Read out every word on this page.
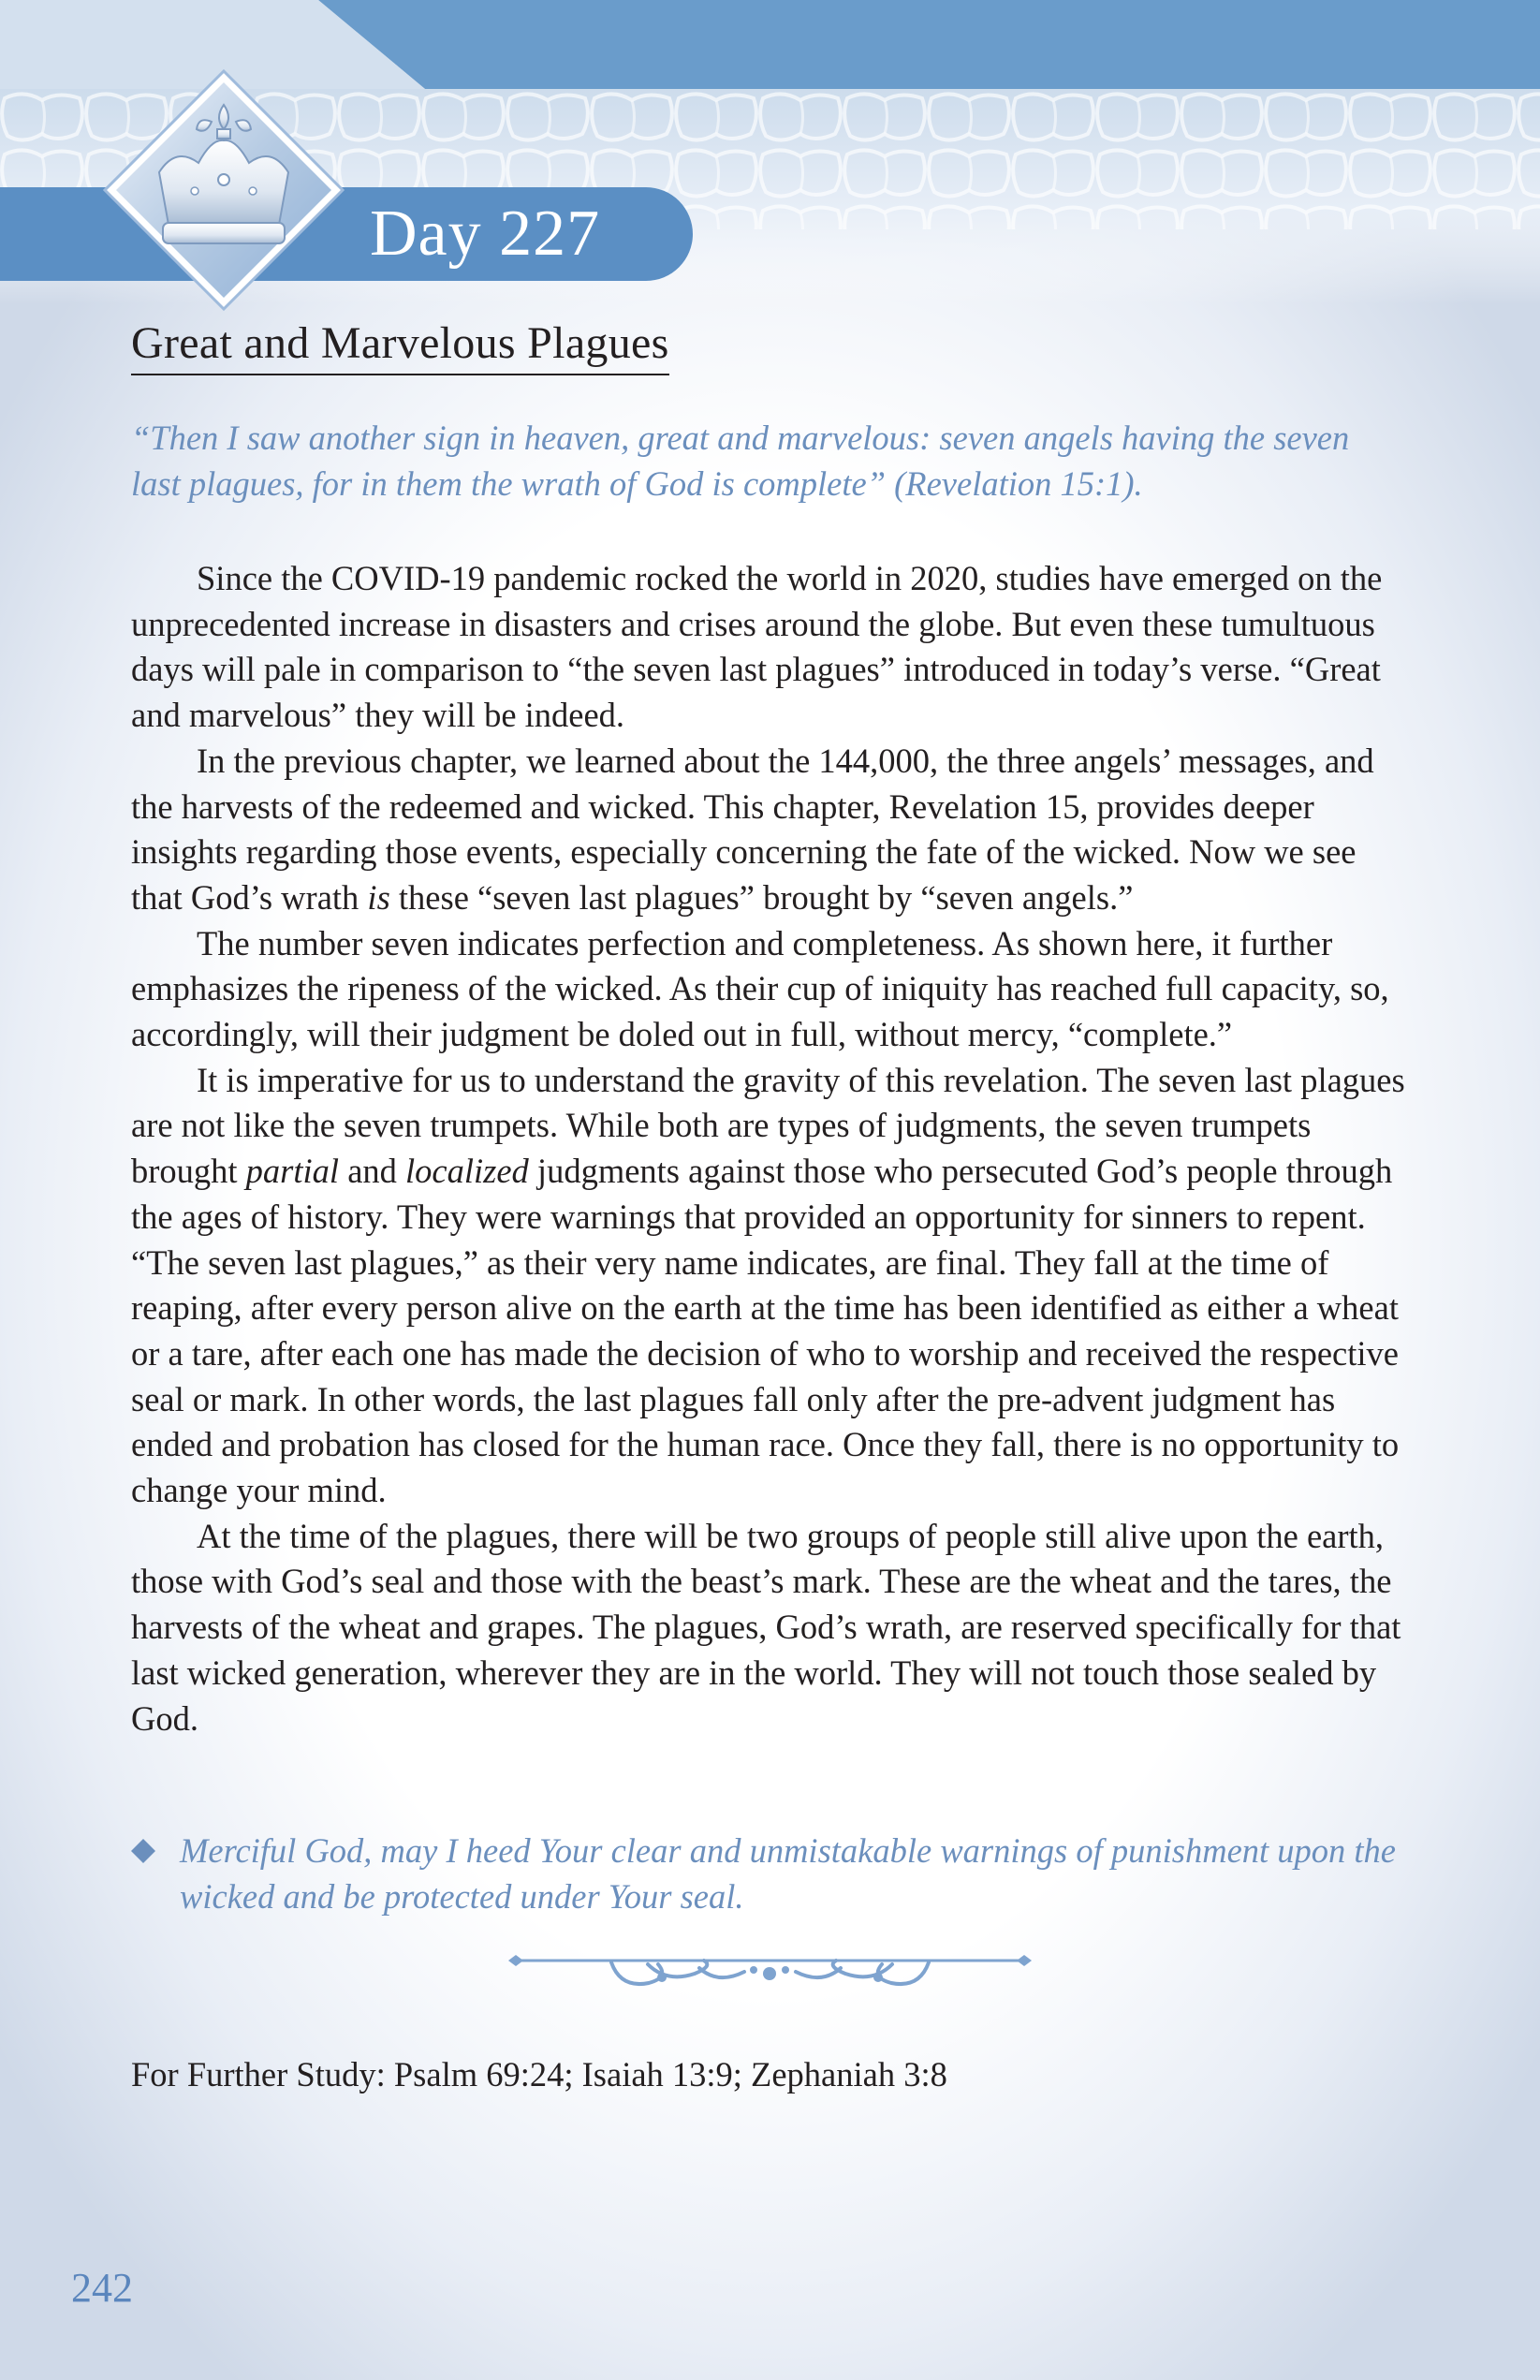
Day 227
Great and Marvelous Plagues

“Then I saw another sign in heaven, great and marvelous: seven angels having the seven last plagues, for in them the wrath of God is complete” (Revelation 15:1).

Since the COVID-19 pandemic rocked the world in 2020, studies have emerged on the unprecedented increase in disasters and crises around the globe. But even these tumultuous days will pale in comparison to “the seven last plagues” introduced in today’s verse. “Great and marvelous” they will be indeed.

In the previous chapter, we learned about the 144,000, the three angels’ messages, and the harvests of the redeemed and wicked. This chapter, Revelation 15, provides deeper insights regarding those events, especially concerning the fate of the wicked. Now we see that God’s wrath is these “seven last plagues” brought by “seven angels.”

The number seven indicates perfection and completeness. As shown here, it further emphasizes the ripeness of the wicked. As their cup of iniquity has reached full capacity, so, accordingly, will their judgment be doled out in full, without mercy, “complete.”

It is imperative for us to understand the gravity of this revelation. The seven last plagues are not like the seven trumpets. While both are types of judgments, the seven trumpets brought partial and localized judgments against those who persecuted God’s people through the ages of history. They were warnings that provided an opportunity for sinners to repent. “The seven last plagues,” as their very name indicates, are final. They fall at the time of reaping, after every person alive on the earth at the time has been identified as either a wheat or a tare, after each one has made the decision of who to worship and received the respective seal or mark. In other words, the last plagues fall only after the pre-advent judgment has ended and probation has closed for the human race. Once they fall, there is no opportunity to change your mind.

At the time of the plagues, there will be two groups of people still alive upon the earth, those with God’s seal and those with the beast’s mark. These are the wheat and the tares, the harvests of the wheat and grapes. The plagues, God’s wrath, are reserved specifically for that last wicked generation, wherever they are in the world. They will not touch those sealed by God.

Merciful God, may I heed Your clear and unmistakable warnings of punishment upon the wicked and be protected under Your seal.
For Further Study: Psalm 69:24; Isaiah 13:9; Zephaniah 3:8
242
